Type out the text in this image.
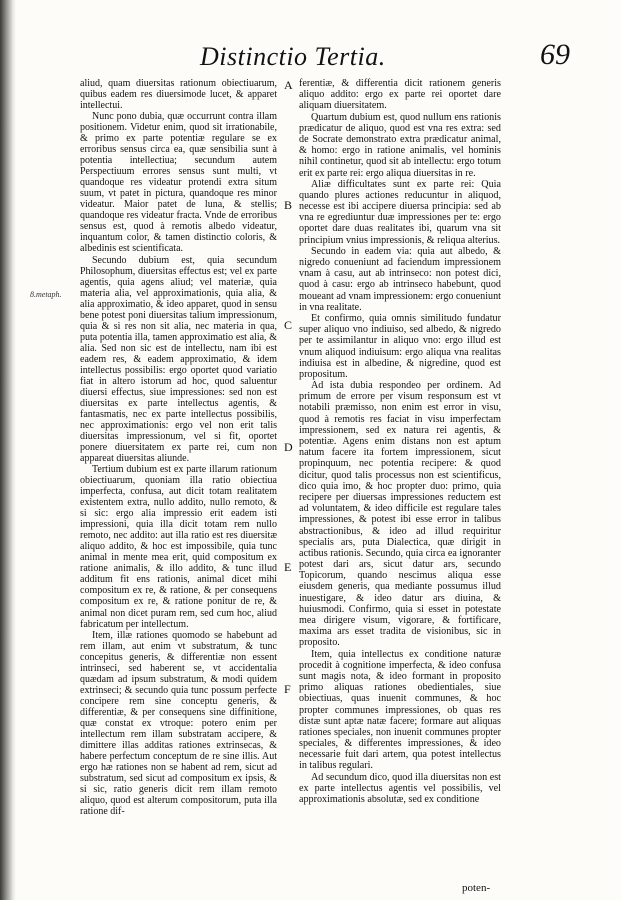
Distinctio Tertia.	69
8.metaph.
A
B
C
D
E
F

aliud, quam diuersitas rationum obiectiuarum, quibus eadem res diuersimode lucet, & apparet intellectui.

Nunc pono dubia, quæ occurrunt contra illam positionem. Videtur enim, quod sit irrationabile, & primo ex parte potentiæ regulare se ex erroribus sensus circa ea, quæ sensibilia sunt à potentia intellectiua; secundum autem Perspectiuum errores sensus sunt multi, vt quandoque res videatur protendi extra situm suum, vt patet in pictura, quandoque res minor videatur. Maior patet de luna, & stellis; quandoque res videatur fracta. Vnde de erroribus sensus est, quod à remotis albedo videatur, inquantum color, & tamen distinctio coloris, & albedinis est scientificata.

Secundo dubium est, quia secundum Philosophum, diuersitas effectus est; vel ex parte agentis, quia agens aliud; vel materiæ, quia materia alia, vel approximationis, quia alia, & alia approximatio, & ideo apparet, quod in sensu bene potest poni diuersitas talium impressionum, quia & si res non sit alia, nec materia in qua, puta potentia illa, tamen approximatio est alia, & alia. Sed non sic est de intellectu, nam ibi est eadem res, & eadem approximatio, & idem intellectus possibilis: ergo oportet quod variatio fiat in altero istorum ad hoc, quod saluentur diuersi effectus, siue impressiones: sed non est diuersitas ex parte intellectus agentis, & fantasmatis, nec ex parte intellectus possibilis, nec approximationis: ergo vel non erit talis diuersitas impressionum, vel si fit, oportet ponere diuersitatem ex parte rei, cum non appareat diuersitas aliunde.

Tertium dubium est ex parte illarum rationum obiectiuarum, quoniam illa ratio obiectiua imperfecta, confusa, aut dicit totam realitatem existentem extra, nullo addito, nullo remoto, & si sic: ergo alia impressio erit eadem isti impressioni, quia illa dicit totam rem nullo remoto, nec addito: aut illa ratio est res diuersitæ aliquo addito, & hoc est impossibile, quia tunc animal in mente mea erit, quid compositum ex ratione animalis, & illo addito, & tunc illud additum fit ens rationis, animal dicet mihi compositum ex re, & ratione, & per consequens compositum ex re, & ratione ponitur de re, & animal non dicet puram rem, sed cum hoc, aliud fabricatum per intellectum.

Item, illæ rationes quomodo se habebunt ad rem illam, aut enim vt substratum, & tunc concepitus generis, & differentiæ non essent intrinseci, sed haberent se, vt accidentalia quædam ad ipsum substratum, & modi quidem extrinseci; & secundo quia tunc possum perfecte concipere rem sine conceptu generis, & differentiæ, & per consequens sine diffinitione, quæ constat ex vtroque: potero enim per intellectum rem illam substratam accipere, & dimittere illas additas rationes extrinsecas, & habere perfectum conceptum de re sine illis. Aut ergo hæ rationes non se habent ad rem, sicut ad substratum, sed sicut ad compositum ex ipsis, & si sic, ratio generis dicit rem illam remoto aliquo, quod est alterum compositorum, puta illa ratione dif-

ferentiæ, & differentia dicit rationem generis aliquo addito: ergo ex parte rei oportet dare aliquam diuersitatem.

Quartum dubium est, quod nullum ens rationis prædicatur de aliquo, quod est vna res extra: sed de Socrate demonstrato extra prædicatur animal, & homo: ergo in ratione animalis, vel hominis nihil continetur, quod sit ab intellectu: ergo totum erit ex parte rei: ergo aliqua diuersitas in re.

Aliæ difficultates sunt ex parte rei: Quia quando plures actiones reducuntur in aliquod, necesse est ibi accipere diuersa principia: sed ab vna re egrediuntur duæ impressiones per te: ergo oportet dare duas realitates ibi, quarum vna sit principium vnius impressionis, & reliqua alterius.

Secundo in eadem via: quia aut albedo, & nigredo conueniunt ad faciendum impressionem vnam à casu, aut ab intrinseco: non potest dici, quod à casu: ergo ab intrinseco habebunt, quod moueant ad vnam impressionem: ergo conueniunt in vna realitate.

Et confirmo, quia omnis similitudo fundatur super aliquo vno indiuiso, sed albedo, & nigredo per te assimilantur in aliquo vno: ergo illud est vnum aliquod indiuisum: ergo aliqua vna realitas indiuisa est in albedine, & nigredine, quod est propositum.

Ad ista dubia respondeo per ordinem. Ad primum de errore per visum responsum est vt notabili præmisso, non enim est error in visu, quod à remotis res faciat in visu imperfectam impressionem, sed ex natura rei agentis, & potentiæ. Agens enim distans non est aptum natum facere ita fortem impressionem, sicut propinquum, nec potentia recipere: & quod dicitur, quod talis processus non est scientificus, dico quia imo, & hoc propter duo: primo, quia recipere per diuersas impressiones reductem est ad voluntatem, & ideo difficile est regulare tales impressiones, & potest ibi esse error in talibus abstractionibus, & ideo ad illud requiritur specialis ars, puta Dialectica, quæ dirigit in actibus rationis. Secundo, quia circa ea ignoranter potest dari ars, sicut datur ars, secundo Topicorum, quando nescimus aliqua esse eiusdem generis, qua mediante possumus illud inuestigare, & ideo datur ars diuina, & huiusmodi. Confirmo, quia si esset in potestate mea dirigere visum, vigorare, & fortificare, maxima ars esset tradita de visionibus, sic in proposito.

Item, quia intellectus ex conditione naturæ procedit à cognitione imperfecta, & ideo confusa sunt magis nota, & ideo formant in proposito primo aliquas rationes obedientiales, siue obiectiuas, quas inuenit communes, & hoc propter communes impressiones, ob quas res distæ sunt aptæ natæ facere; formare aut aliquas rationes speciales, non inuenit communes propter speciales, & differentes impressiones, & ideo necessarie fuit dari artem, qua potest intellectus in talibus regulari.

Ad secundum dico, quod illa diuersitas non est ex parte intellectus agentis vel possibilis, vel approximationis absolutæ, sed ex conditione

poten-
